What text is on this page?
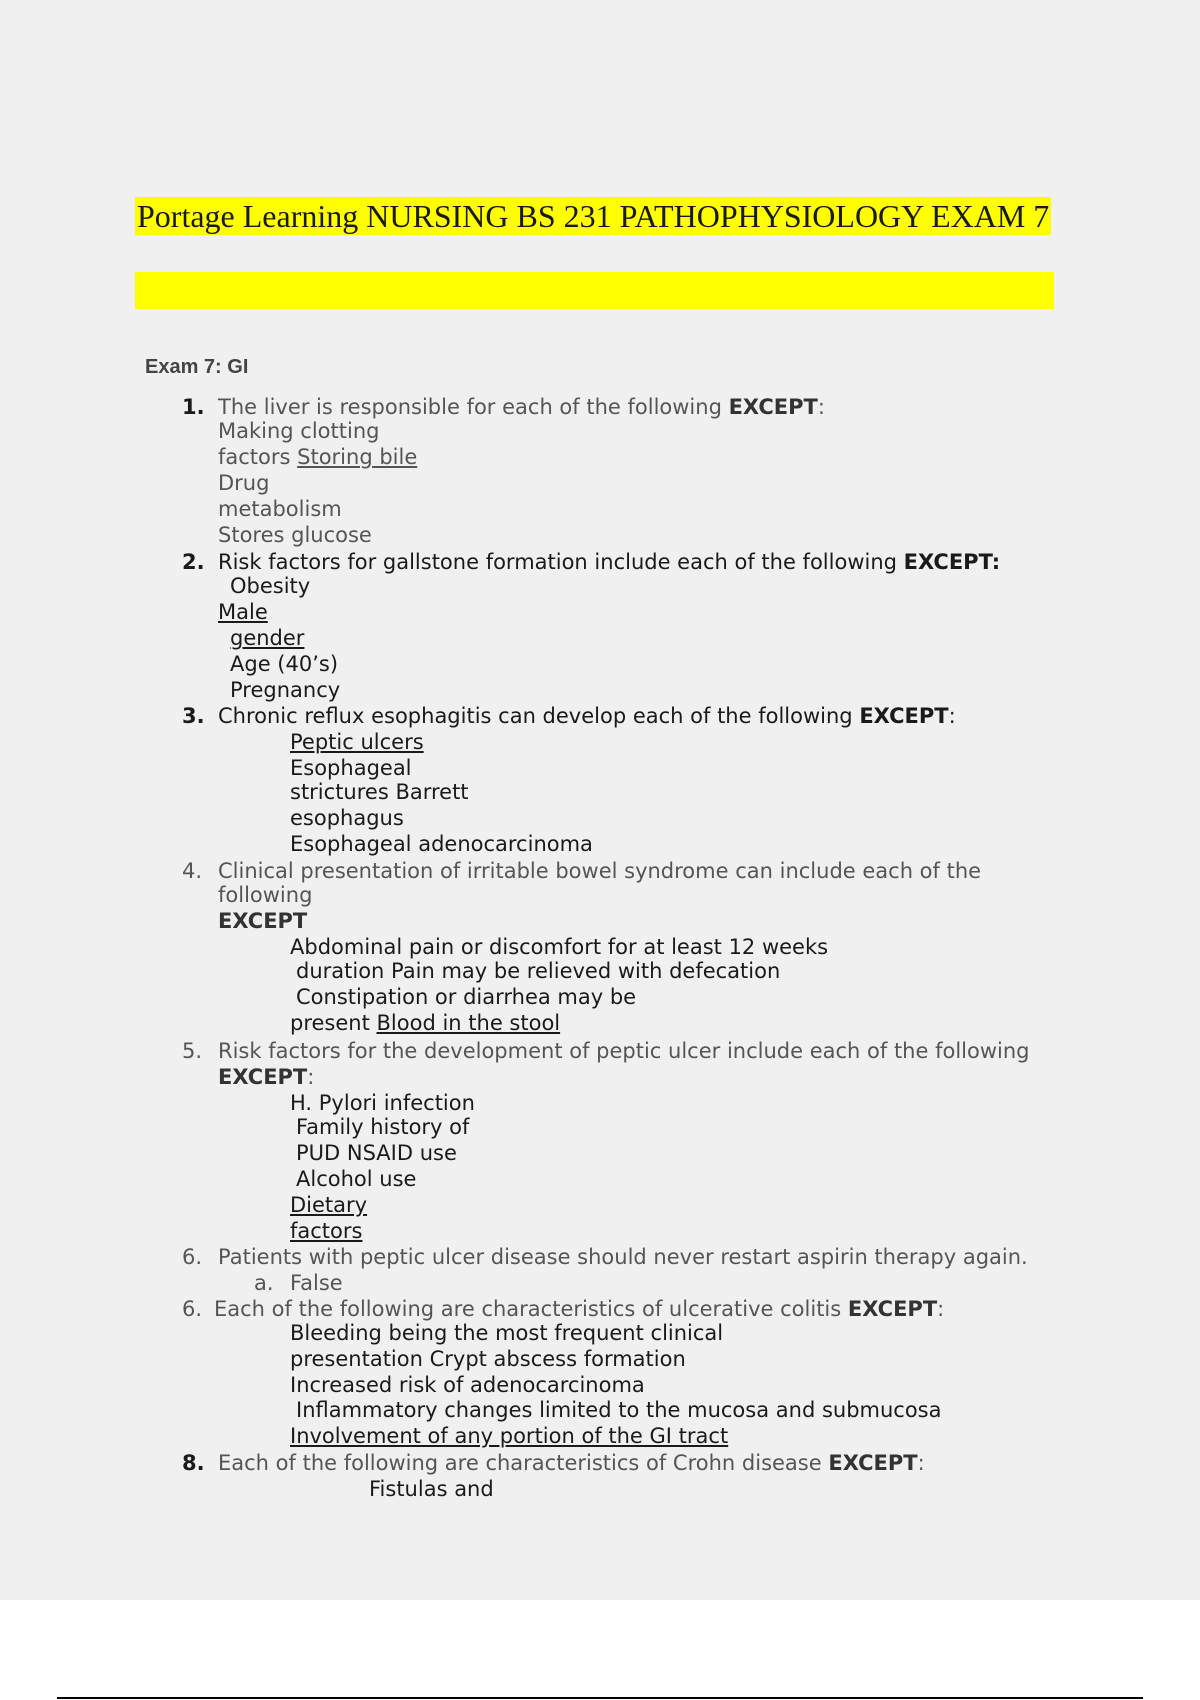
Portage Learning NURSING BS 231 PATHOPHYSIOLOGY EXAM 7
Exam 7: GI
1. The liver is responsible for each of the following EXCEPT:
Making clotting
factors Storing bile
Drug
metabolism
Stores glucose
2. Risk factors for gallstone formation include each of the following EXCEPT:
Obesity
Male
gender
Age (40’s)
Pregnancy
3. Chronic reflux esophagitis can develop each of the following EXCEPT:
Peptic ulcers
Esophageal
strictures Barrett
esophagus
Esophageal adenocarcinoma
4. Clinical presentation of irritable bowel syndrome can include each of the
following
EXCEPT
Abdominal pain or discomfort for at least 12 weeks
duration Pain may be relieved with defecation
Constipation or diarrhea may be
present Blood in the stool
5. Risk factors for the development of peptic ulcer include each of the following
EXCEPT:
H. Pylori infection
Family history of
PUD NSAID use
Alcohol use
Dietary
factors
6. Patients with peptic ulcer disease should never restart aspirin therapy again.
a. False
6. Each of the following are characteristics of ulcerative colitis EXCEPT:
Bleeding being the most frequent clinical
presentation Crypt abscess formation
Increased risk of adenocarcinoma
Inflammatory changes limited to the mucosa and submucosa
Involvement of any portion of the GI tract
8. Each of the following are characteristics of Crohn disease EXCEPT:
Fistulas and
